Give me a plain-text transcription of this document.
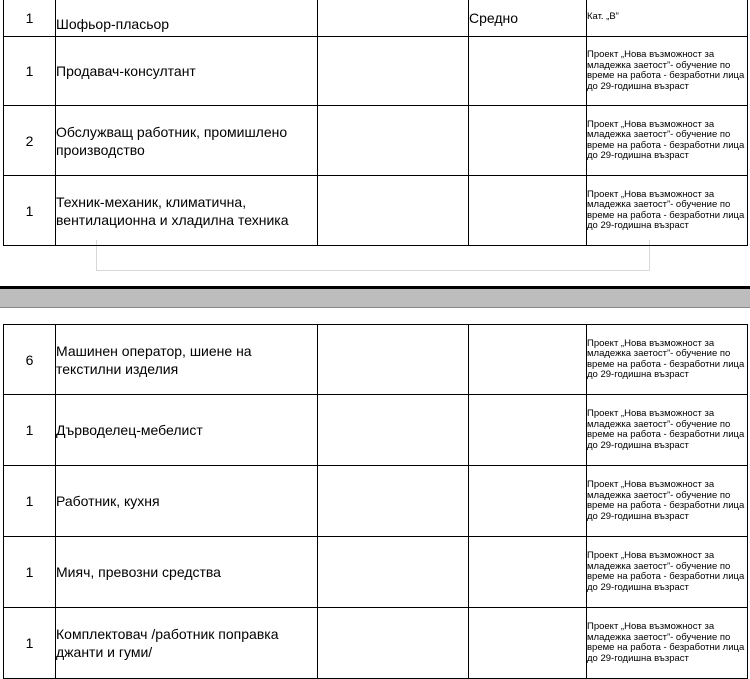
1	Шофьор-пласьор		Средно	Кат. „В”
1	Продавач-консултант			Проект „Нова възможност за младежка заетост”- обучение по време на работа - безработни лица до 29-годишна възраст
2	Обслужващ работник, промишлено производство			Проект „Нова възможност за младежка заетост”- обучение по време на работа - безработни лица до 29-годишна възраст
1	Техник-механик, климатична, вентилационна и хладилна техника			Проект „Нова възможност за младежка заетост”- обучение по време на работа - безработни лица до 29-годишна възраст
6	Машинен оператор, шиене на текстилни изделия			Проект „Нова възможност за младежка заетост”- обучение по време на работа - безработни лица до 29-годишна възраст
1	Дърводелец-мебелист			Проект „Нова възможност за младежка заетост”- обучение по време на работа - безработни лица до 29-годишна възраст
1	Работник, кухня			Проект „Нова възможност за младежка заетост”- обучение по време на работа - безработни лица до 29-годишна възраст
1	Мияч, превозни средства			Проект „Нова възможност за младежка заетост”- обучение по време на работа - безработни лица до 29-годишна възраст
1	Комплектовач /работник поправка джанти и гуми/			Проект „Нова възможност за младежка заетост”- обучение по време на работа - безработни лица до 29-годишна възраст
